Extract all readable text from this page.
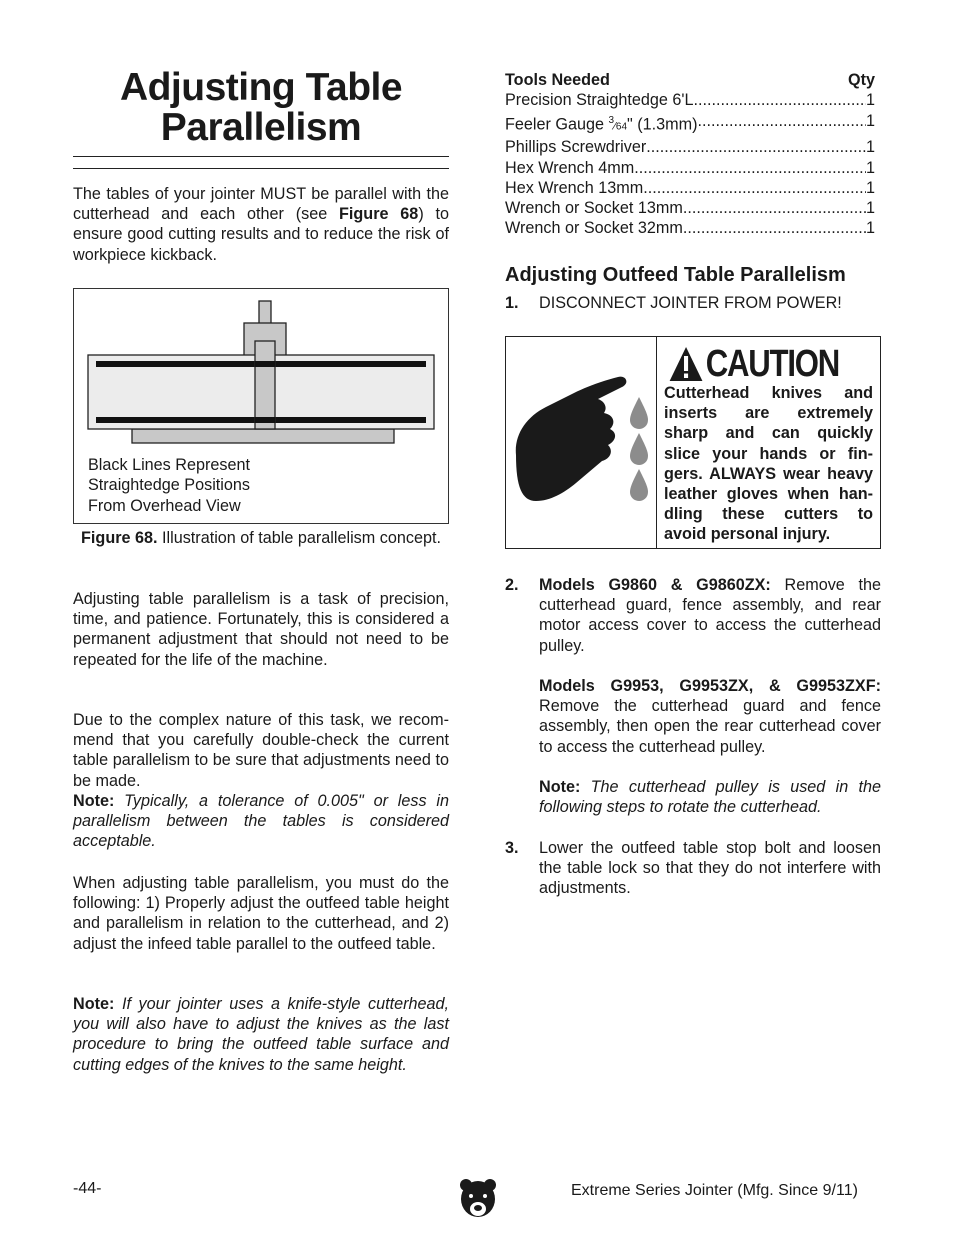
Adjusting Table
Parallelism

The tables of your jointer MUST be parallel with the cutterhead and each other (see Figure 68) to ensure good cutting results and to reduce the risk of workpiece kickback.

Black Lines Represent
Straightedge Positions
From Overhead View

Figure 68. Illustration of table parallelism concept.

Adjusting table parallelism is a task of precision, time, and patience. Fortunately, this is considered a permanent adjustment that should not need to be repeated for the life of the machine.

Due to the complex nature of this task, we recom-mend that you carefully double-check the current table parallelism to be sure that adjustments need to be made.

Note: Typically, a tolerance of 0.005" or less in parallelism between the tables is considered acceptable.

When adjusting table parallelism, you must do the following: 1) Properly adjust the outfeed table height and parallelism in relation to the cutterhead, and 2) adjust the infeed table parallel to the outfeed table.

Note: If your jointer uses a knife-style cutterhead, you will also have to adjust the knives as the last procedure to bring the outfeed table surface and cutting edges of the knives to the same height.

Tools Needed	Qty
Precision Straightedge 6'L .....	1
Feeler Gauge $^3$⁄64" (1.3mm) .....	1
Phillips Screwdriver .....	1
Hex Wrench 4mm .....	1
Hex Wrench 13mm .....	1
Wrench or Socket 13mm .....	1
Wrench or Socket 32mm .....	1
Adjusting Outfeed Table Parallelism
1. DISCONNECT JOINTER FROM POWER!
CAUTION
Cutterhead knives and inserts are extremely sharp and can quickly slice your hands or fin-gers. ALWAYS wear heavy leather gloves when han-dling these cutters to avoid personal injury.
2. Models G9860 & G9860ZX: Remove the cutterhead guard, fence assembly, and rear motor access cover to access the cutterhead pulley.
Models G9953, G9953ZX, & G9953ZXF: Remove the cutterhead guard and fence assembly, then open the rear cutterhead cover to access the cutterhead pulley.
Note: The cutterhead pulley is used in the following steps to rotate the cutterhead.
3. Lower the outfeed table stop bolt and loosen the table lock so that they do not interfere with adjustments.
-44-	Extreme Series Jointer (Mfg. Since 9/11)
